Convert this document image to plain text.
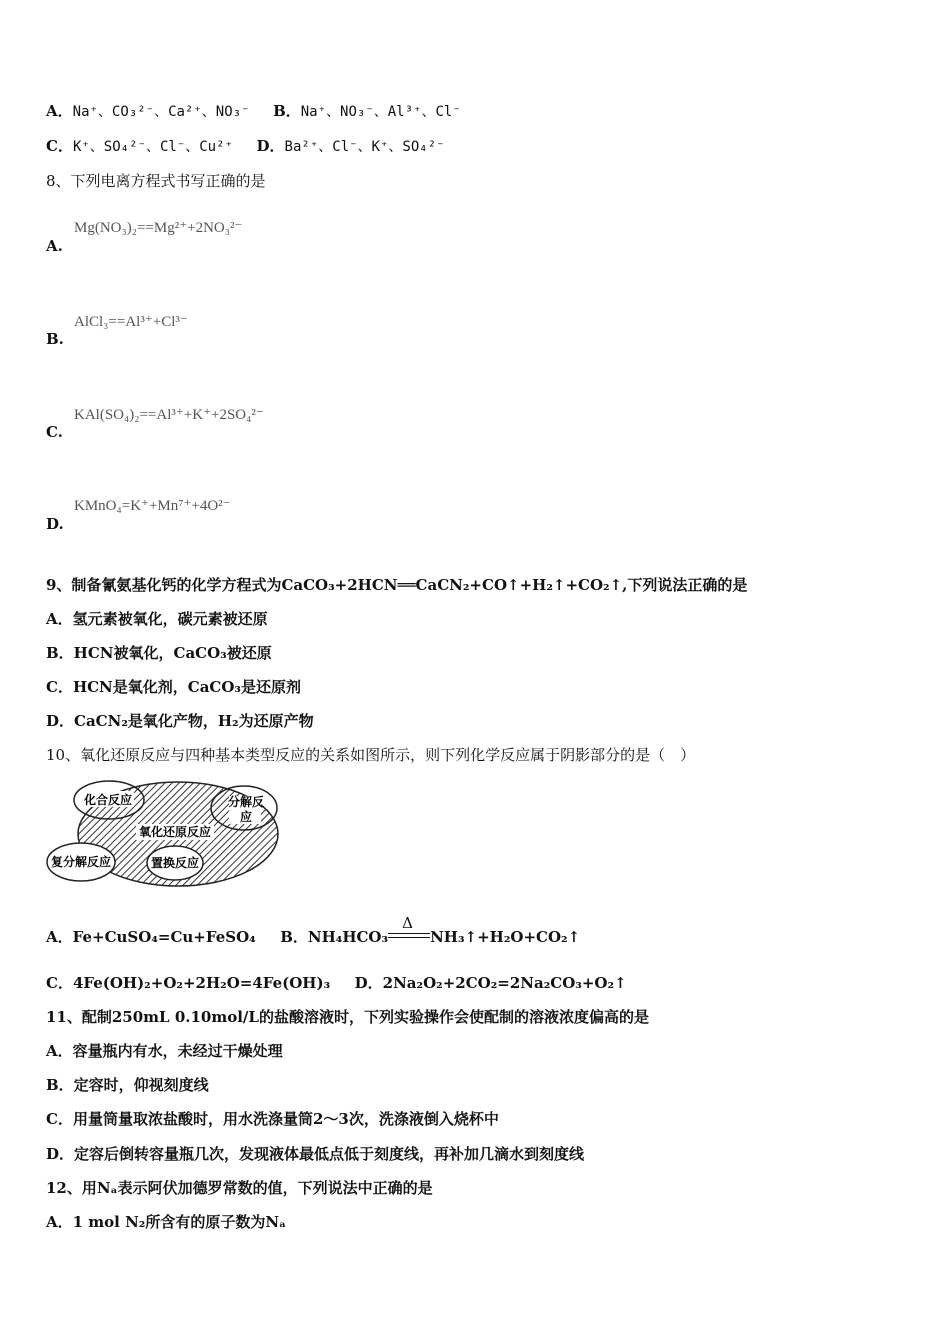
A．Na⁺、CO₃²⁻、Ca²⁺、NO₃⁻ B．Na⁺、NO₃⁻、Al³⁺、Cl⁻
C．K⁺、SO₄²⁻、Cl⁻、Cu²⁺ D．Ba²⁺、Cl⁻、K⁺、SO₄²⁻
8、下列电离方程式书写正确的是
Mg(NO₃)₂==Mg²⁺+2NO₃²⁻
A.
AlCl₃==Al³⁺+Cl³⁻
B.
KAl(SO₄)₂==Al³⁺+K⁺+2SO₄²⁻
C.
KMnO₄=K⁺+Mn⁷⁺+4O²⁻
D.
9、制备氰氨基化钙的化学方程式为CaCO₃+2HCN══CaCN₂+CO↑+H₂↑+CO₂↑,下列说法正确的是
A．氢元素被氧化，碳元素被还原
B．HCN被氧化，CaCO₃被还原
C．HCN是氧化剂，CaCO₃是还原剂
D．CaCN₂是氧化产物，H₂为还原产物
10、氧化还原反应与四种基本类型反应的关系如图所示，则下列化学反应属于阴影部分的是（　）
化合反应	分解反
应
氧化还原反应
复分解反应	置换反应
A．Fe+CuSO₄=Cu+FeSO₄ B．NH₄HCO₃
Δ
NH₃↑+H₂O+CO₂↑
C．4Fe(OH)₂+O₂+2H₂O=4Fe(OH)₃ D．2Na₂O₂+2CO₂=2Na₂CO₃+O₂↑
11、配制250mL 0.10mol/L的盐酸溶液时，下列实验操作会使配制的溶液浓度偏高的是
A．容量瓶内有水，未经过干燥处理
B．定容时，仰视刻度线
C．用量筒量取浓盐酸时，用水洗涤量筒2～3次，洗涤液倒入烧杯中
D．定容后倒转容量瓶几次，发现液体最低点低于刻度线，再补加几滴水到刻度线
12、用Nₐ表示阿伏加德罗常数的值，下列说法中正确的是
A．1 mol N₂所含有的原子数为Nₐ
